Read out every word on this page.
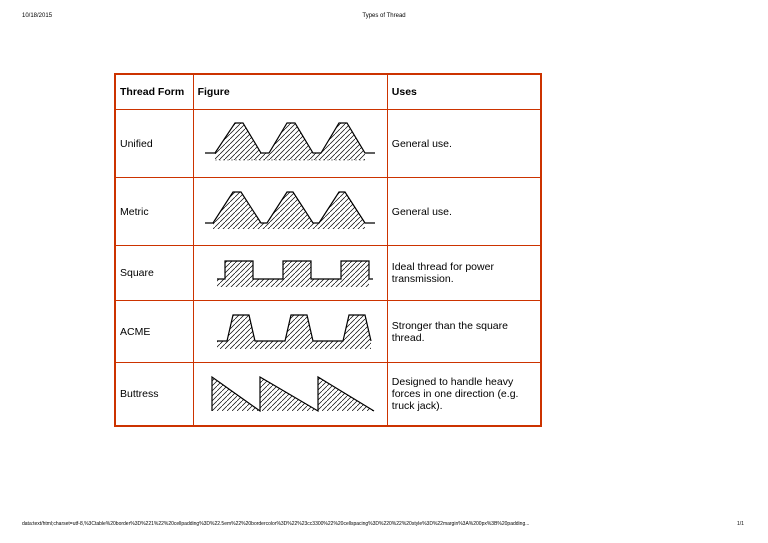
10/18/2015	Types of Thread
Thread Form	Figure	Uses
Unified		General use.
Metric		General use.
Square		Ideal thread for power transmission.
ACME		Stronger than the square thread.
Buttress		Designed to handle heavy forces in one direction (e.g. truck jack).
data:text/html;charset=utf-8,%3Ctable%20border%3D%221%22%20cellpadding%3D%22.5em%22%20bordercolor%3D%22%23cc3300%22%20cellspacing%3D%220%22%20style%3D%22margin%3A%200px%3B%20padding...	1/1
